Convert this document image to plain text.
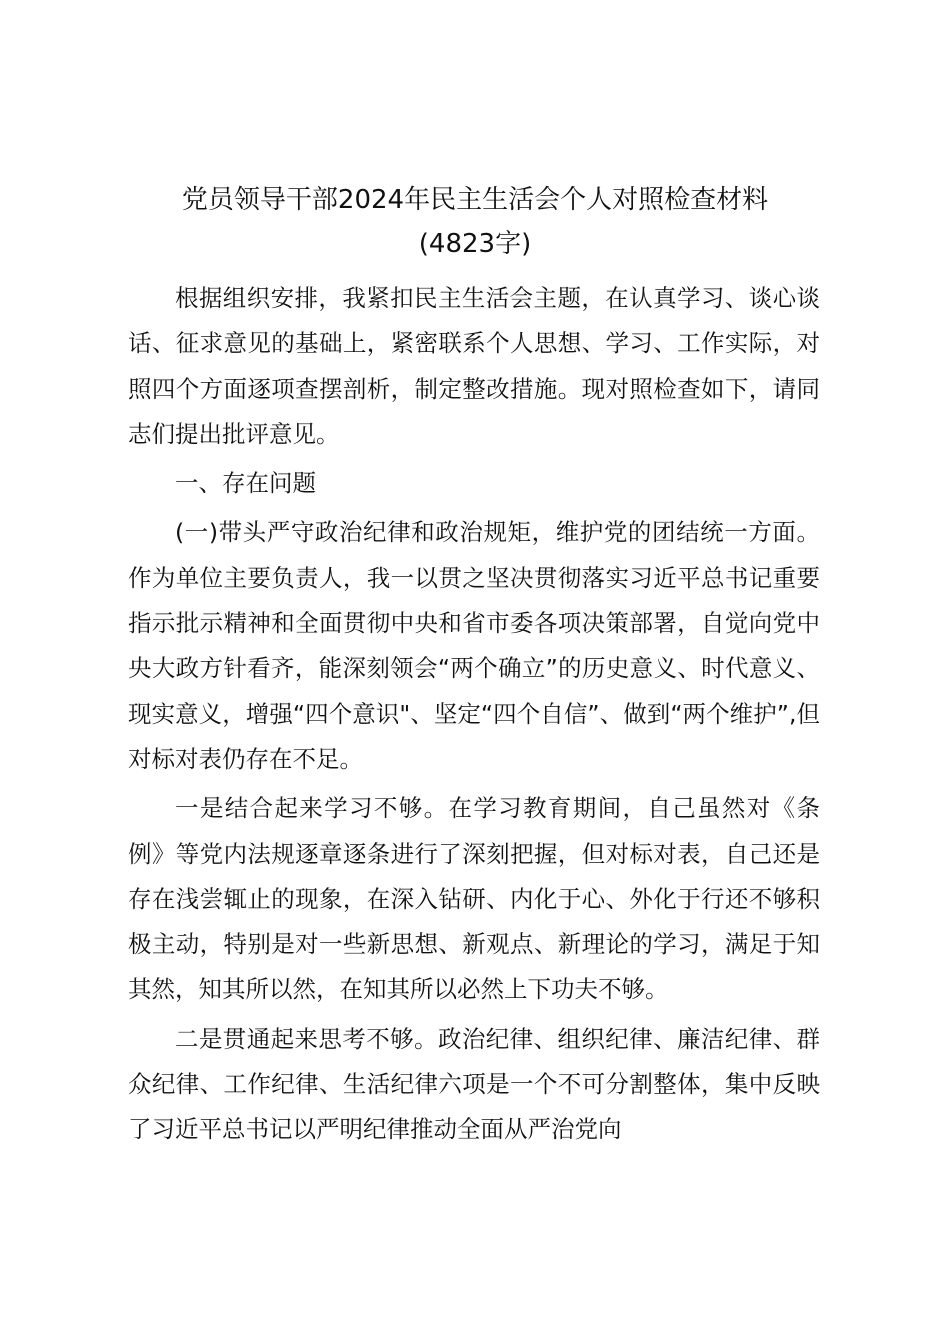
党员领导干部2024年民主生活会个人对照检查材料
(4823字)

根据组织安排，我紧扣民主生活会主题，在认真学习、谈心谈话、征求意见的基础上，紧密联系个人思想、学习、工作实际，对照四个方面逐项查摆剖析，制定整改措施。现对照检查如下，请同志们提出批评意见。

一、存在问题

(一)带头严守政治纪律和政治规矩，维护党的团结统一方面。作为单位主要负责人，我一以贯之坚决贯彻落实习近平总书记重要指示批示精神和全面贯彻中央和省市委各项决策部署，自觉向党中央大政方针看齐，能深刻领会“两个确立”的历史意义、时代意义、现实意义，增强“四个意识"、坚定“四个自信”、做到“两个维护”,但对标对表仍存在不足。

一是结合起来学习不够。在学习教育期间，自己虽然对《条例》等党内法规逐章逐条进行了深刻把握，但对标对表，自己还是存在浅尝辄止的现象，在深入钻研、内化于心、外化于行还不够积极主动，特别是对一些新思想、新观点、新理论的学习，满足于知其然，知其所以然，在知其所以必然上下功夫不够。

二是贯通起来思考不够。政治纪律、组织纪律、廉洁纪律、群众纪律、工作纪律、生活纪律六项是一个不可分割整体，集中反映了习近平总书记以严明纪律推动全面从严治党向
